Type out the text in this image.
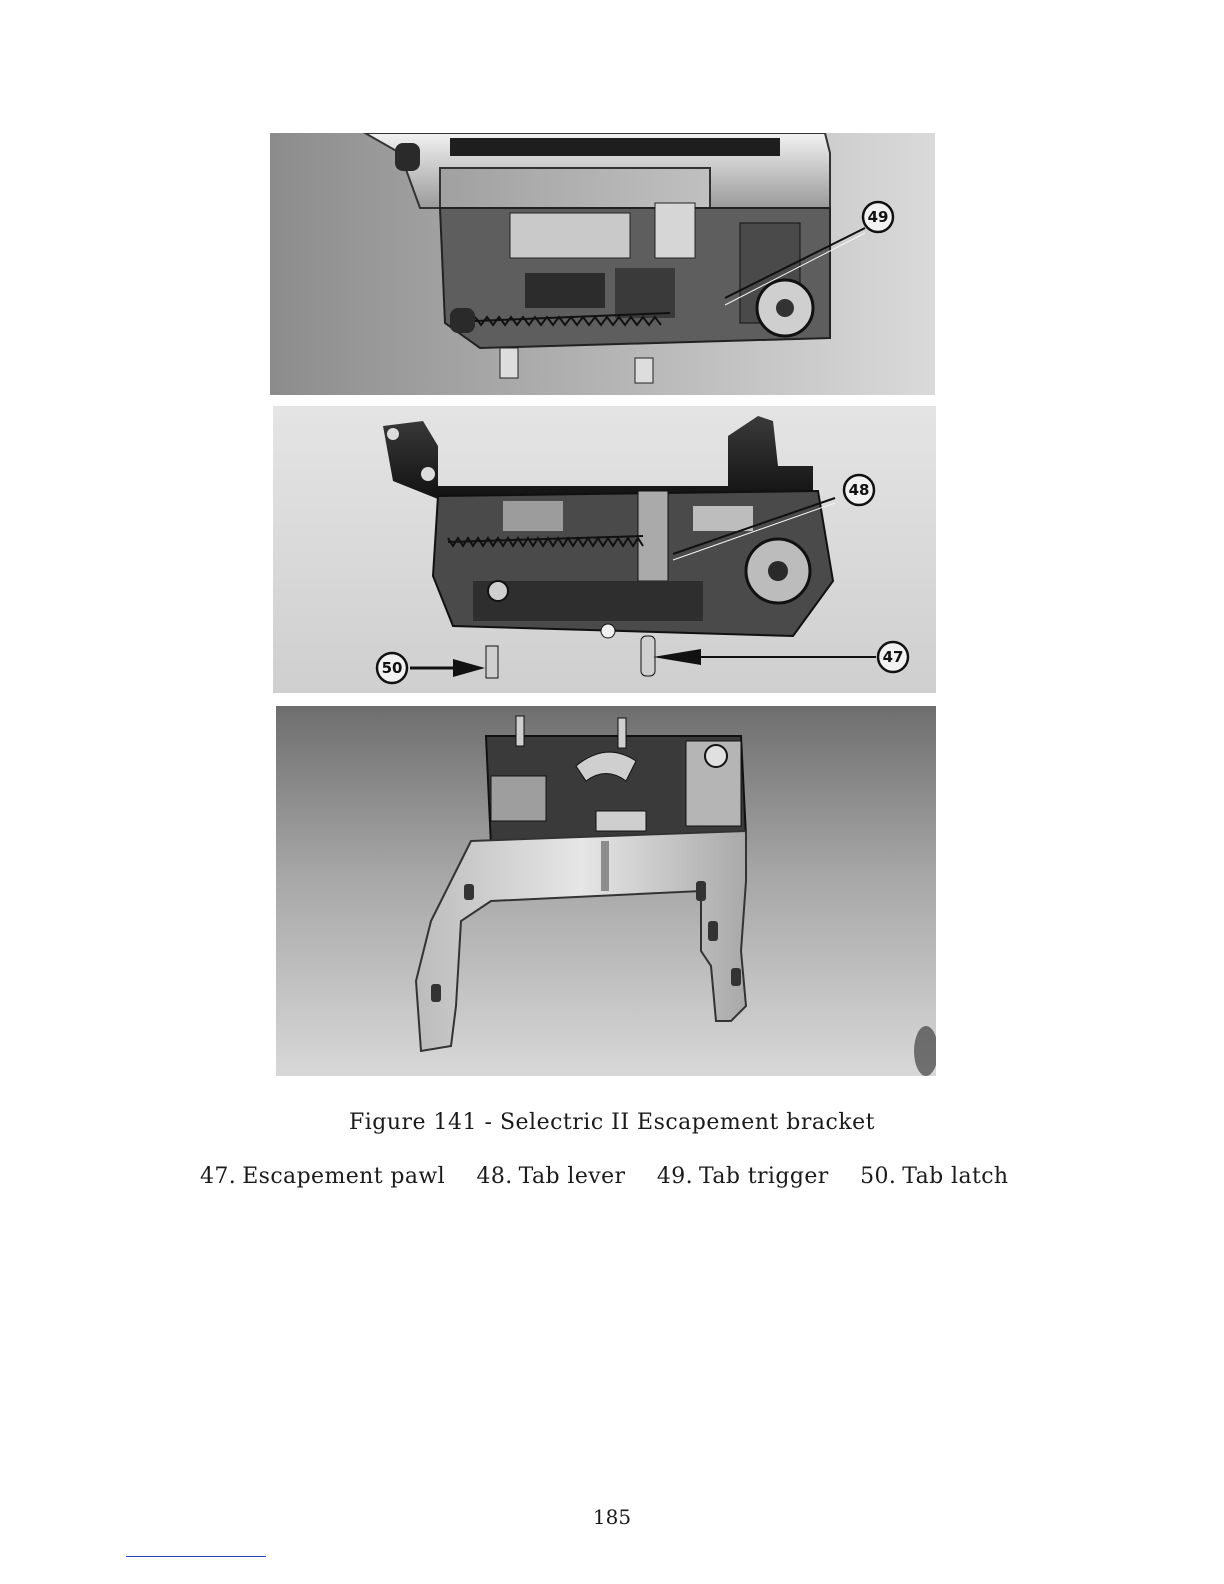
49
48
47
50
Figure 141 - Selectric II Escapement bracket
47. Escapement pawl 48. Tab lever 49. Tab trigger 50. Tab latch
185
